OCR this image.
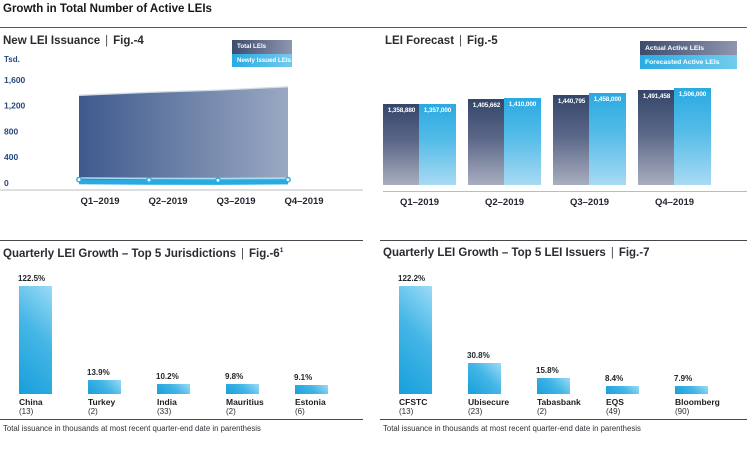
Growth in Total Number of Active LEIs
New LEI Issuance | Fig.-4
Tsd.
Total LEIs
Newly Issued LEIs
1,600
1,200
800
400
0
Q1–2019	Q2–2019	Q3–2019	Q4–2019
LEI Forecast | Fig.-5
Actual Active LEIs
Forecasted Active LEIs
1,358,880	1,357,000
Q1–2019
1,405,662	1,410,000
Q2–2019
1,440,795	1,458,000
Q3–2019
1,491,458	1,506,000
Q4–2019
Quarterly LEI Growth – Top 5 Jurisdictions | $Fig.-6^1$
122.5%
China
(13)
13.9%
Turkey
(2)
10.2%
India
(33)
9.8%
Mauritius
(2)
9.1%
Estonia
(6)
Total issuance in thousands at most recent quarter-end date in parenthesis
Quarterly LEI Growth – Top 5 LEI Issuers | Fig.-7
122.2%
CFSTC
(13)
30.8%
Ubisecure
(23)
15.8%
Tabasbank
(2)
8.4%
EQS
(49)
7.9%
Bloomberg
(90)
Total issuance in thousands at most recent quarter-end date in parenthesis
